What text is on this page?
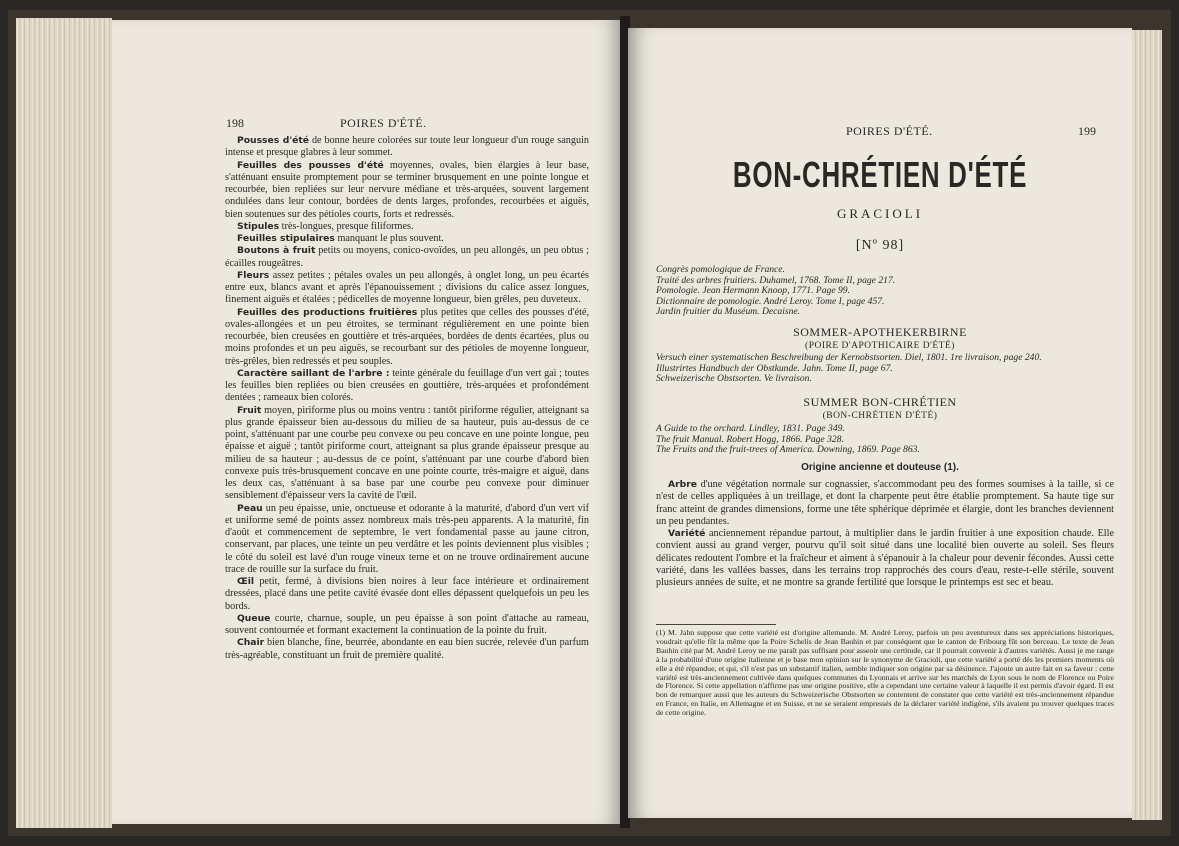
198	POIRES D'ÉTÉ.

Pousses d'été de bonne heure colorées sur toute leur longueur d'un rouge sanguin intense et presque glabres à leur sommet.

Feuilles des pousses d'été moyennes, ovales, bien élargies à leur base, s'atténuant ensuite promptement pour se terminer brusquement en une pointe longue et recourbée, bien repliées sur leur nervure médiane et très-arquées, souvent largement ondulées dans leur contour, bordées de dents larges, profondes, recourbées et aiguës, bien soutenues sur des pétioles courts, forts et redressés.

Stipules très-longues, presque filiformes.

Feuilles stipulaires manquant le plus souvent.

Boutons à fruit petits ou moyens, conico-ovoïdes, un peu allongés, un peu obtus ; écailles rougeâtres.

Fleurs assez petites ; pétales ovales un peu allongés, à onglet long, un peu écartés entre eux, blancs avant et après l'épanouissement ; divisions du calice assez longues, finement aiguës et étalées ; pédicelles de moyenne longueur, bien grêles, peu duveteux.

Feuilles des productions fruitières plus petites que celles des pousses d'été, ovales-allongées et un peu étroites, se terminant régulièrement en une pointe bien recourbée, bien creusées en gouttière et très-arquées, bordées de dents écartées, plus ou moins profondes et un peu aiguës, se recourbant sur des pétioles de moyenne longueur, très-grêles, bien redressés et peu souples.

Caractère saillant de l'arbre : teinte générale du feuillage d'un vert gai ; toutes les feuilles bien repliées ou bien creusées en gouttière, très-arquées et profondément dentées ; rameaux bien colorés.

Fruit moyen, piriforme plus ou moins ventru : tantôt piriforme régulier, atteignant sa plus grande épaisseur bien au-dessous du milieu de sa hauteur, puis au-dessus de ce point, s'atténuant par une courbe peu convexe ou peu concave en une pointe longue, peu épaisse et aiguë ; tantôt piriforme court, atteignant sa plus grande épaisseur presque au milieu de sa hauteur ; au-dessus de ce point, s'atténuant par une courbe d'abord bien convexe puis très-brusquement concave en une pointe courte, très-maigre et aiguë, dans les deux cas, s'atténuant à sa base par une courbe peu convexe pour diminuer sensiblement d'épaisseur vers la cavité de l'œil.

Peau un peu épaisse, unie, onctueuse et odorante à la maturité, d'abord d'un vert vif et uniforme semé de points assez nombreux mais très-peu apparents. A la maturité, fin d'août et commencement de septembre, le vert fondamental passe au jaune citron, conservant, par places, une teinte un peu verdâtre et les points deviennent plus visibles ; le côté du soleil est lavé d'un rouge vineux terne et on ne trouve ordinairement aucune trace de rouille sur la surface du fruit.

Œil petit, fermé, à divisions bien noires à leur face intérieure et ordinairement dressées, placé dans une petite cavité évasée dont elles dépassent quelquefois un peu les bords.

Queue courte, charnue, souple, un peu épaisse à son point d'attache au rameau, souvent contournée et formant exactement la continuation de la pointe du fruit.

Chair bien blanche, fine, beurrée, abondante en eau bien sucrée, relevée d'un parfum très-agréable, constituant un fruit de première qualité.

POIRES D'ÉTÉ.	199
BON-CHRÉTIEN D'ÉTÉ
GRACIOLI
[Nº 98]
Congrès pomologique de France.
Traité des arbres fruitiers. Duhamel, 1768. Tome II, page 217.
Pomologie. Jean Hermann Knoop, 1771. Page 99.
Dictionnaire de pomologie. André Leroy. Tome I, page 457.
Jardin fruitier du Muséum. Decaisne.
SOMMER-APOTHEKERBIRNE
(POIRE D'APOTHICAIRE D'ÉTÉ)
Versuch einer systematischen Beschreibung der Kernobstsorten. Diel, 1801. 1re livraison, page 240.
Illustrirtes Handbuch der Obstkunde. Jahn. Tome II, page 67.
Schweizerische Obstsorten. Ve livraison.
SUMMER BON-CHRÉTIEN
(BON-CHRÉTIEN D'ÉTÉ)
A Guide to the orchard. Lindley, 1831. Page 349.
The fruit Manual. Robert Hogg, 1866. Page 328.
The Fruits and the fruit-trees of America. Downing, 1869. Page 863.
Origine ancienne et douteuse (1).

Arbre d'une végétation normale sur cognassier, s'accommodant peu des formes soumises à la taille, si ce n'est de celles appliquées à un treillage, et dont la charpente peut être établie promptement. Sa haute tige sur franc atteint de grandes dimensions, forme une tête sphérique déprimée et élargie, dont les branches deviennent un peu pendantes.

Variété anciennement répandue partout, à multiplier dans le jardin fruitier à une exposition chaude. Elle convient aussi au grand verger, pourvu qu'il soit situé dans une localité bien ouverte au soleil. Ses fleurs délicates redoutent l'ombre et la fraîcheur et aiment à s'épanouir à la chaleur pour devenir fécondes. Aussi cette variété, dans les vallées basses, dans les terrains trop rapprochés des cours d'eau, reste-t-elle stérile, souvent plusieurs années de suite, et ne montre sa grande fertilité que lorsque le printemps est sec et beau.

(1) M. Jahn suppose que cette variété est d'origine allemande. M. André Leroy, parfois un peu aventureux dans ses appréciations historiques, voudrait qu'elle fût la même que la Poire Schelis de Jean Bauhin et par conséquent que le canton de Fribourg fût son berceau. Le texte de Jean Bauhin cité par M. André Leroy ne me paraît pas suffisant pour asseoir une certitude, car il pourrait convenir à d'autres variétés. Aussi je me range à la probabilité d'une origine italienne et je base mon opinion sur le synonyme de Gracioli, que cette variété a porté dès les premiers moments où elle a été répandue, et qui, s'il n'est pas un substantif italien, semble indiquer son origine par sa désinence. J'ajoute un autre fait en sa faveur : cette variété est très-anciennement cultivée dans quelques communes du Lyonnais et arrive sur les marchés de Lyon sous le nom de Florence ou Poire de Florence. Si cette appellation n'affirme pas une origine positive, elle a cependant une certaine valeur à laquelle il est permis d'avoir égard. Il est bon de remarquer aussi que les auteurs du Schweizerische Obstsorten se contentent de constater que cette variété est très-anciennement répandue en France, en Italie, en Allemagne et en Suisse, et ne se seraient empressés de la déclarer variété indigène, s'ils avaient pu trouver quelques traces de cette origine.
